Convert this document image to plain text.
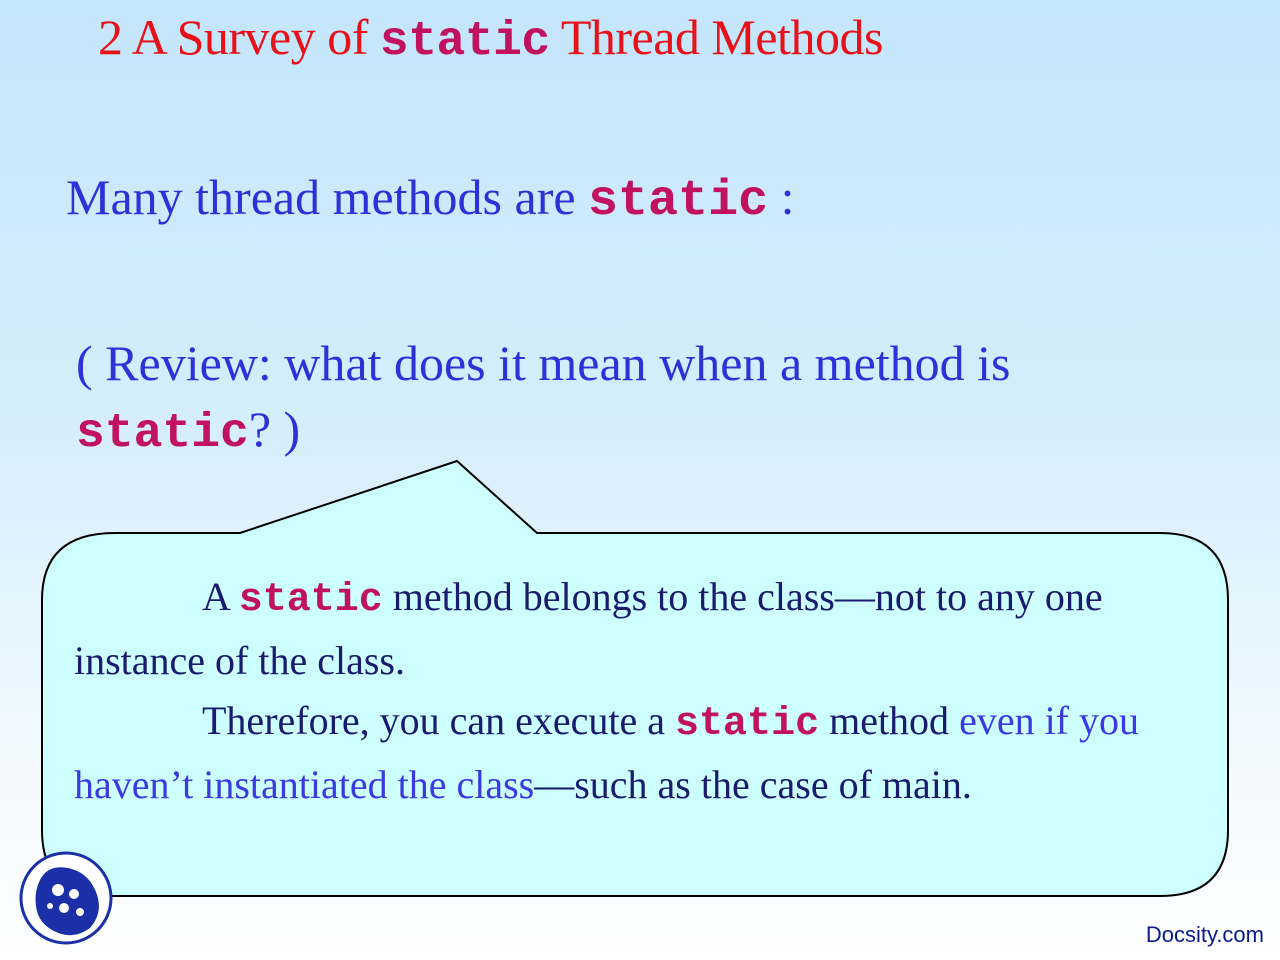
2 A Survey of static Thread Methods

Many thread methods are static :

( Review: what does it mean when a method is static? )

A static method belongs to the class—not to any one instance of the class.

Therefore, you can execute a static method even if you haven’t instantiated the class—such as the case of main.

Docsity.com
